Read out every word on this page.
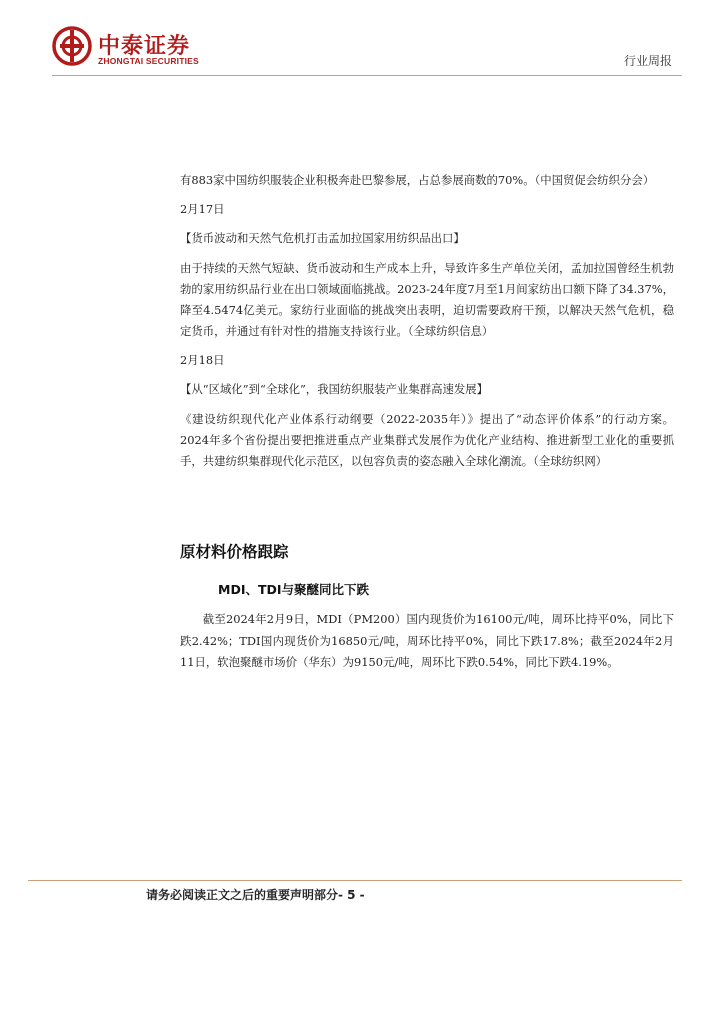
中泰证券
ZHONGTAI SECURITIES	行业周报

有883家中国纺织服装企业积极奔赴巴黎参展，占总参展商数的70%。（中国贸促会纺织分会）

2月17日

【货币波动和天然气危机打击孟加拉国家用纺织品出口】

由于持续的天然气短缺、货币波动和生产成本上升，导致许多生产单位关闭，孟加拉国曾经生机勃勃的家用纺织品行业在出口领域面临挑战。2023-24年度7月至1月间家纺出口额下降了34.37%，降至4.5474亿美元。家纺行业面临的挑战突出表明，迫切需要政府干预，以解决天然气危机，稳定货币，并通过有针对性的措施支持该行业。（全球纺织信息）

2月18日

【从“区域化”到“全球化”，我国纺织服装产业集群高速发展】

《建设纺织现代化产业体系行动纲要（2022-2035年）》提出了“动态评价体系”的行动方案。2024年多个省份提出要把推进重点产业集群式发展作为优化产业结构、推进新型工业化的重要抓手，共建纺织集群现代化示范区，以包容负责的姿态融入全球化潮流。（全球纺织网）

原材料价格跟踪
MDI、TDI与聚醚同比下跌

截至2024年2月9日，MDI（PM200）国内现货价为16100元/吨，周环比持平0%，同比下跌2.42%；TDI国内现货价为16850元/吨，周环比持平0%，同比下跌17.8%；截至2024年2月11日，软泡聚醚市场价（华东）为9150元/吨，周环比下跌0.54%，同比下跌4.19%。

请务必阅读正文之后的重要声明部分- 5 -
